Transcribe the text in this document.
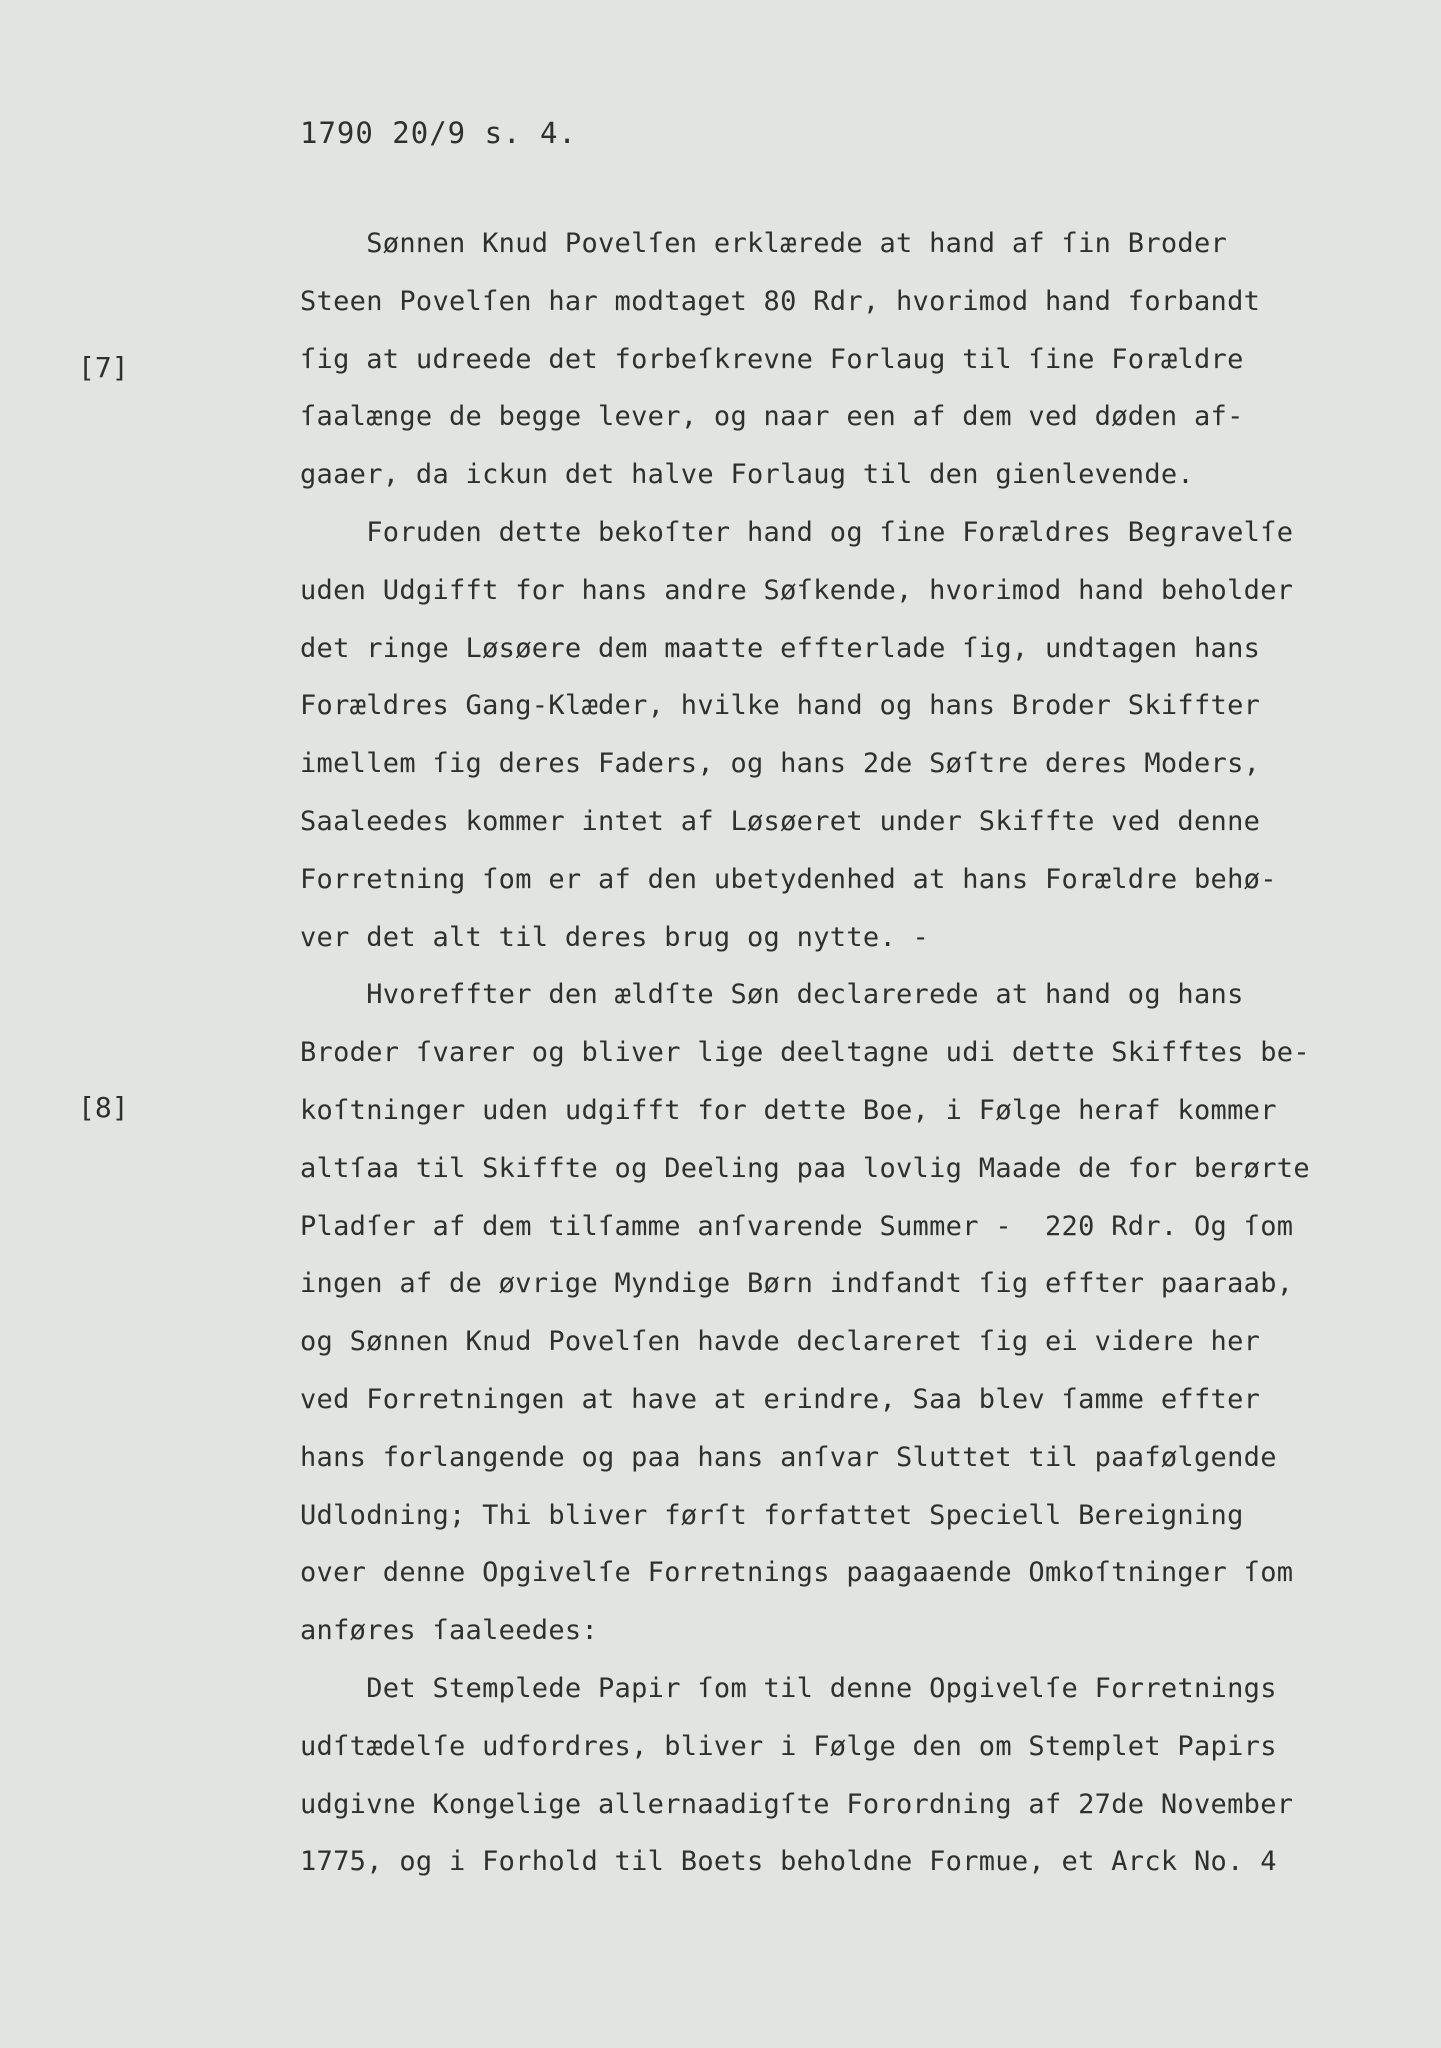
1790 20/9 s. 4.
[7]
[8]
Sønnen Knud Povelſen erklærede at hand af ſin Broder
Steen Povelſen har modtaget 80 Rdr, hvorimod hand forbandt
ſig at udreede det forbeſkrevne Forlaug til ſine Forældre
ſaalænge de begge lever, og naar een af dem ved døden af-
gaaer, da ickun det halve Forlaug til den gienlevende.
Foruden dette bekoſter hand og ſine Forældres Begravelſe
uden Udgifft for hans andre Søſkende, hvorimod hand beholder
det ringe Løsøere dem maatte effterlade ſig, undtagen hans
Forældres Gang-Klæder, hvilke hand og hans Broder Skiffter
imellem ſig deres Faders, og hans 2de Søſtre deres Moders,
Saaleedes kommer intet af Løsøeret under Skiffte ved denne
Forretning ſom er af den ubetydenhed at hans Forældre behø-
ver det alt til deres brug og nytte. -
Hvoreffter den ældſte Søn declarerede at hand og hans
Broder ſvarer og bliver lige deeltagne udi dette Skifftes be-
koſtninger uden udgifft for dette Boe, i Følge heraf kommer
altſaa til Skiffte og Deeling paa lovlig Maade de for berørte
Pladſer af dem tilſamme anſvarende Summer -  220 Rdr. Og ſom
ingen af de øvrige Myndige Børn indfandt ſig effter paaraab,
og Sønnen Knud Povelſen havde declareret ſig ei videre her
ved Forretningen at have at erindre, Saa blev ſamme effter
hans forlangende og paa hans anſvar Sluttet til paafølgende
Udlodning; Thi bliver førſt forfattet Speciell Bereigning
over denne Opgivelſe Forretnings paagaaende Omkoſtninger ſom
anføres ſaaleedes:
Det Stemplede Papir ſom til denne Opgivelſe Forretnings
udſtædelſe udfordres, bliver i Følge den om Stemplet Papirs
udgivne Kongelige allernaadigſte Forordning af 27de November
1775, og i Forhold til Boets beholdne Formue, et Arck No. 4
